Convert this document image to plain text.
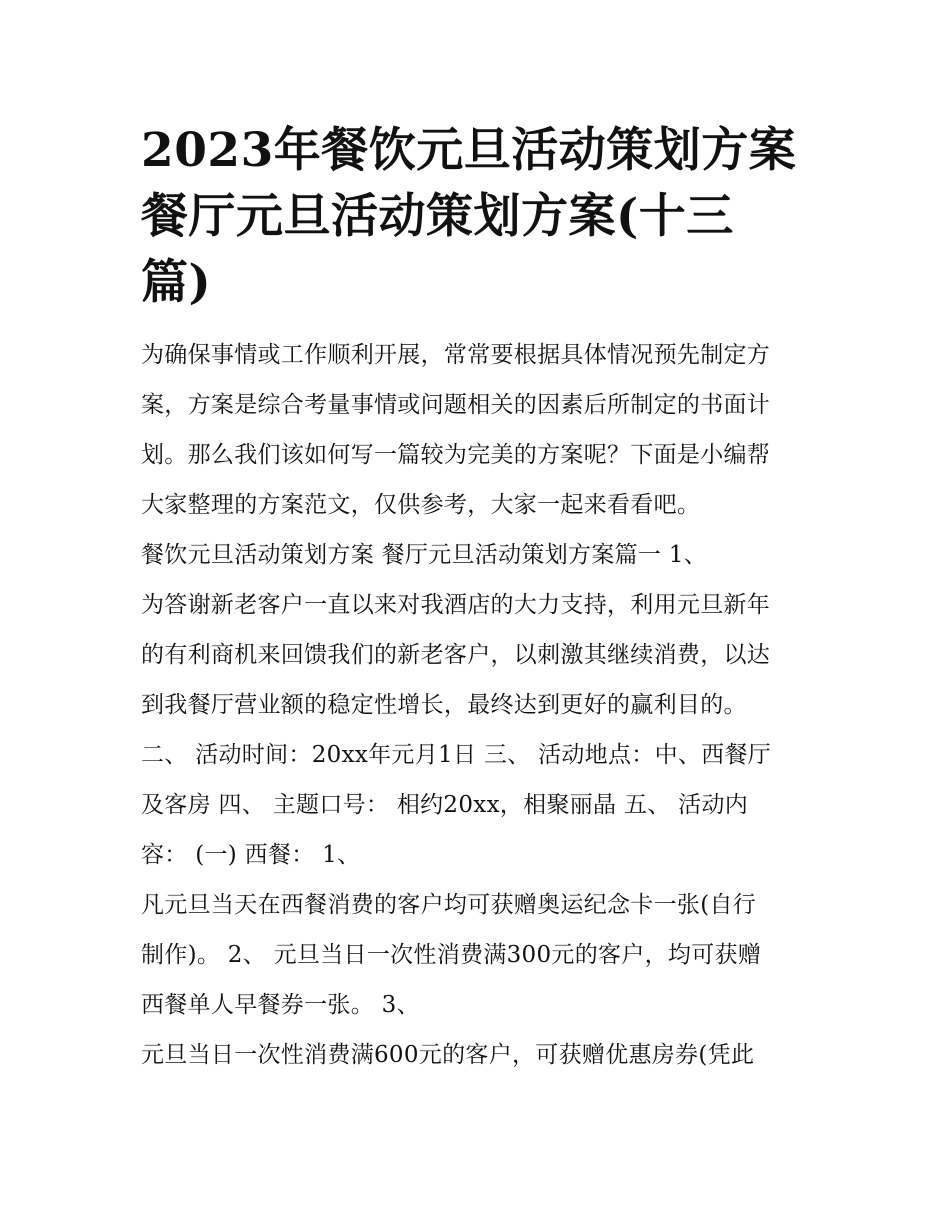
2023年餐饮元旦活动策划方案
餐厅元旦活动策划方案(十三
篇)
为确保事情或工作顺利开展，常常要根据具体情况预先制定方
案，方案是综合考量事情或问题相关的因素后所制定的书面计
划。那么我们该如何写一篇较为完美的方案呢？下面是小编帮
大家整理的方案范文，仅供参考，大家一起来看看吧。
餐饮元旦活动策划方案 餐厅元旦活动策划方案篇一 1、
为答谢新老客户一直以来对我酒店的大力支持，利用元旦新年
的有利商机来回馈我们的新老客户，以刺激其继续消费，以达
到我餐厅营业额的稳定性增长，最终达到更好的赢利目的。
二、 活动时间：20xx年元月1日 三、 活动地点：中、西餐厅
及客房 四、 主题口号： 相约20xx，相聚丽晶 五、 活动内
容： (一) 西餐： 1、
凡元旦当天在西餐消费的客户均可获赠奥运纪念卡一张(自行
制作)。 2、 元旦当日一次性消费满300元的客户，均可获赠
西餐单人早餐券一张。 3、
元旦当日一次性消费满600元的客户，可获赠优惠房券(凭此
